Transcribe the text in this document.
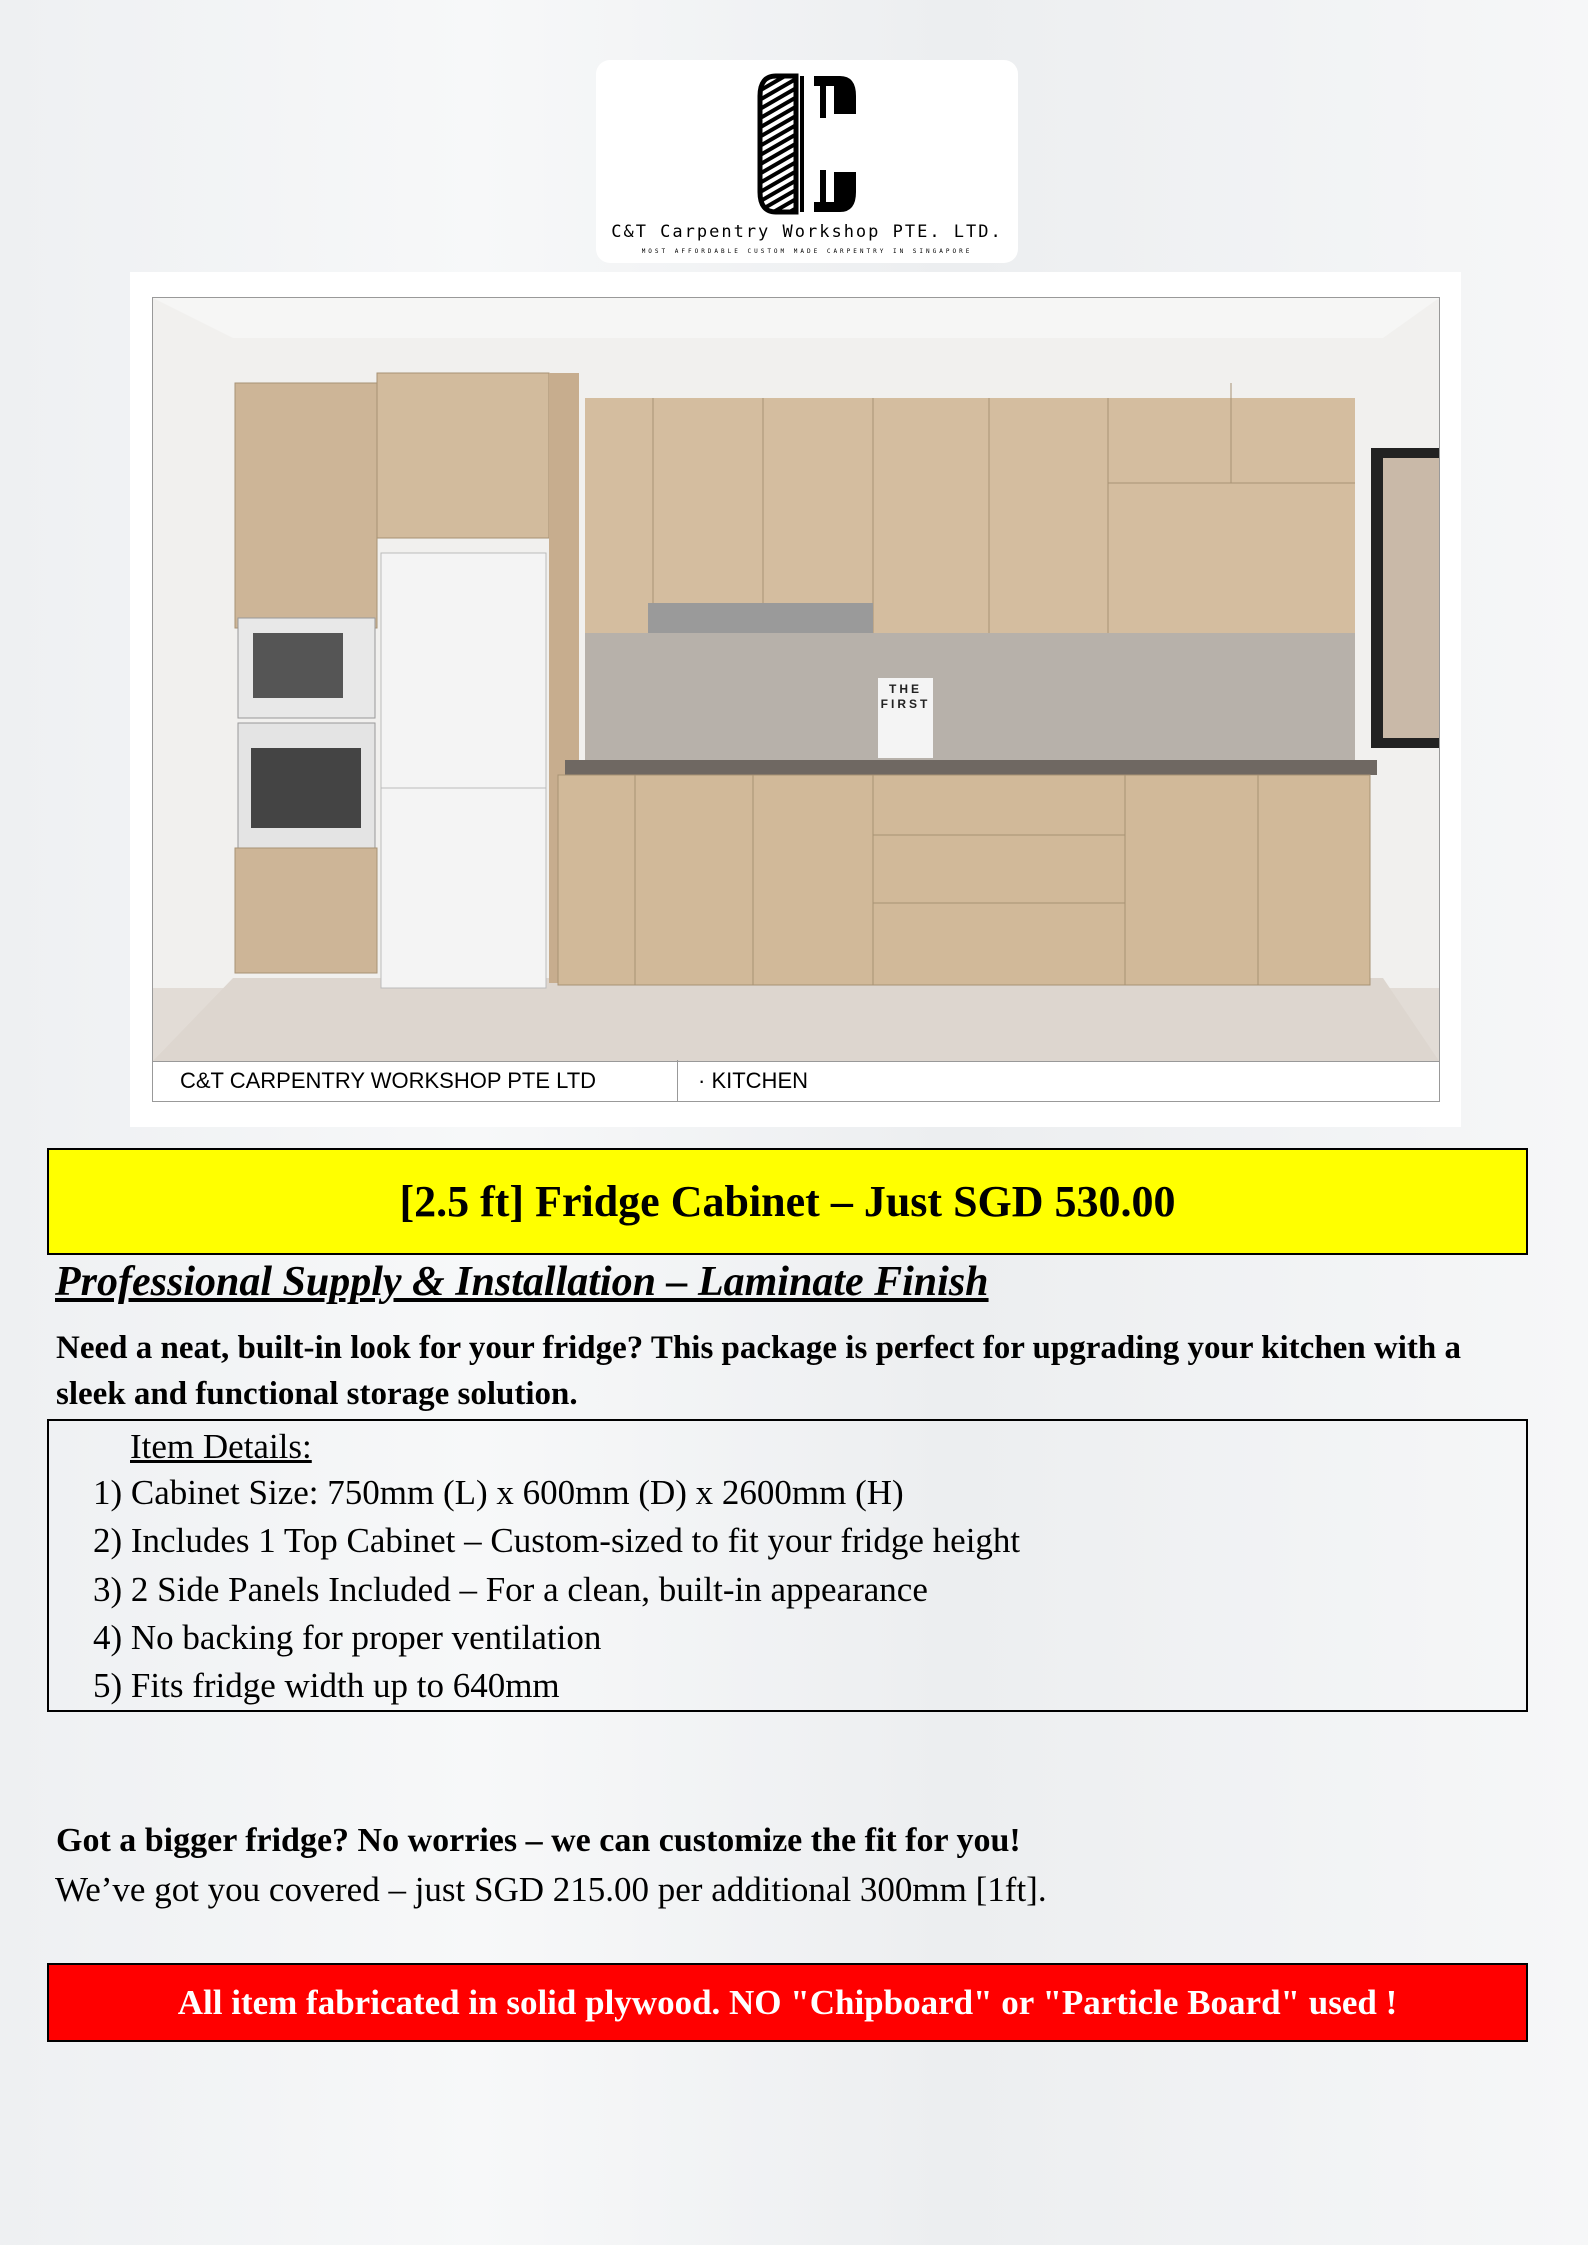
C&T Carpentry Workshop PTE. LTD.
MOST AFFORDABLE CUSTOM MADE CARPENTRY IN SINGAPORE
THE FIRST
C&T CARPENTRY WORKSHOP PTE LTD	· KITCHEN
[2.5 ft] Fridge Cabinet – Just SGD 530.00
Professional Supply & Installation – Laminate Finish
Need a neat, built-in look for your fridge? This package is perfect for upgrading your kitchen with a sleek and functional storage solution.
Item Details:
1) Cabinet Size: 750mm (L) x 600mm (D) x 2600mm (H)
2) Includes 1 Top Cabinet – Custom-sized to fit your fridge height
3) 2 Side Panels Included – For a clean, built-in appearance
4) No backing for proper ventilation
5) Fits fridge width up to 640mm
Got a bigger fridge? No worries – we can customize the fit for you!
We’ve got you covered – just SGD 215.00 per additional 300mm [1ft].
All item fabricated in solid plywood. NO "Chipboard" or "Particle Board" used !
